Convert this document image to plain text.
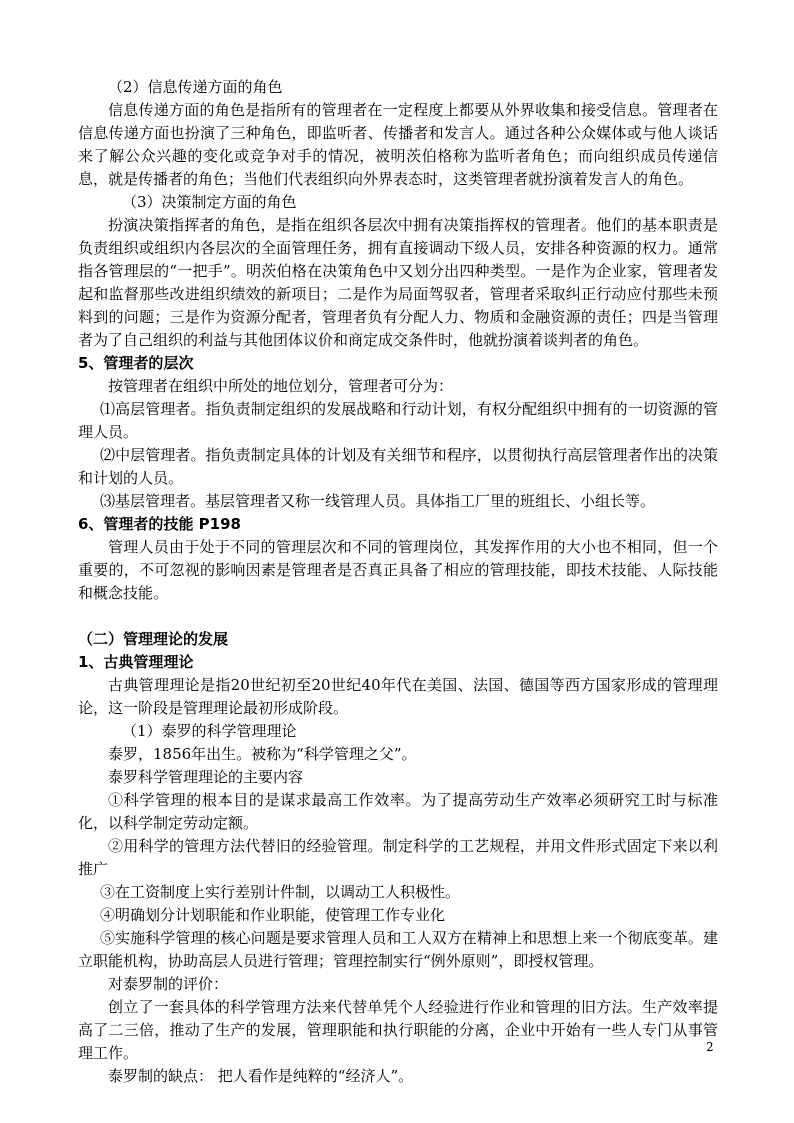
（2）信息传递方面的角色

信息传递方面的角色是指所有的管理者在一定程度上都要从外界收集和接受信息。管理者在信息传递方面也扮演了三种角色，即监听者、传播者和发言人。通过各种公众媒体或与他人谈话来了解公众兴趣的变化或竞争对手的情况，被明茨伯格称为监听者角色；而向组织成员传递信息，就是传播者的角色；当他们代表组织向外界表态时，这类管理者就扮演着发言人的角色。

（3）决策制定方面的角色

扮演决策指挥者的角色，是指在组织各层次中拥有决策指挥权的管理者。他们的基本职责是负责组织或组织内各层次的全面管理任务，拥有直接调动下级人员，安排各种资源的权力。通常指各管理层的“一把手”。明茨伯格在决策角色中又划分出四种类型。一是作为企业家，管理者发起和监督那些改进组织绩效的新项目；二是作为局面驾驭者，管理者采取纠正行动应付那些未预料到的问题；三是作为资源分配者，管理者负有分配人力、物质和金融资源的责任；四是当管理者为了自己组织的利益与其他团体议价和商定成交条件时，他就扮演着谈判者的角色。

5、管理者的层次

按管理者在组织中所处的地位划分，管理者可分为：

⑴高层管理者。指负责制定组织的发展战略和行动计划，有权分配组织中拥有的一切资源的管理人员。

⑵中层管理者。指负责制定具体的计划及有关细节和程序，以贯彻执行高层管理者作出的决策和计划的人员。

⑶基层管理者。基层管理者又称一线管理人员。具体指工厂里的班组长、小组长等。

6、管理者的技能 P198

管理人员由于处于不同的管理层次和不同的管理岗位，其发挥作用的大小也不相同，但一个重要的，不可忽视的影响因素是管理者是否真正具备了相应的管理技能，即技术技能、人际技能和概念技能。

（二）管理理论的发展

1、古典管理理论

古典管理理论是指20世纪初至20世纪40年代在美国、法国、德国等西方国家形成的管理理论，这一阶段是管理理论最初形成阶段。

（1）泰罗的科学管理理论

泰罗，1856年出生。被称为“科学管理之父”。

泰罗科学管理理论的主要内容

①科学管理的根本目的是谋求最高工作效率。为了提高劳动生产效率必须研究工时与标准化，以科学制定劳动定额。

②用科学的管理方法代替旧的经验管理。制定科学的工艺规程，并用文件形式固定下来以利推广

③在工资制度上实行差别计件制，以调动工人积极性。

④明确划分计划职能和作业职能，使管理工作专业化

⑤实施科学管理的核心问题是要求管理人员和工人双方在精神上和思想上来一个彻底变革。建立职能机构，协助高层人员进行管理；管理控制实行“例外原则”，即授权管理。

对泰罗制的评价：

创立了一套具体的科学管理方法来代替单凭个人经验进行作业和管理的旧方法。生产效率提高了二三倍，推动了生产的发展，管理职能和执行职能的分离，企业中开始有一些人专门从事管理工作。

泰罗制的缺点： 把人看作是纯粹的“经济人”。

2
